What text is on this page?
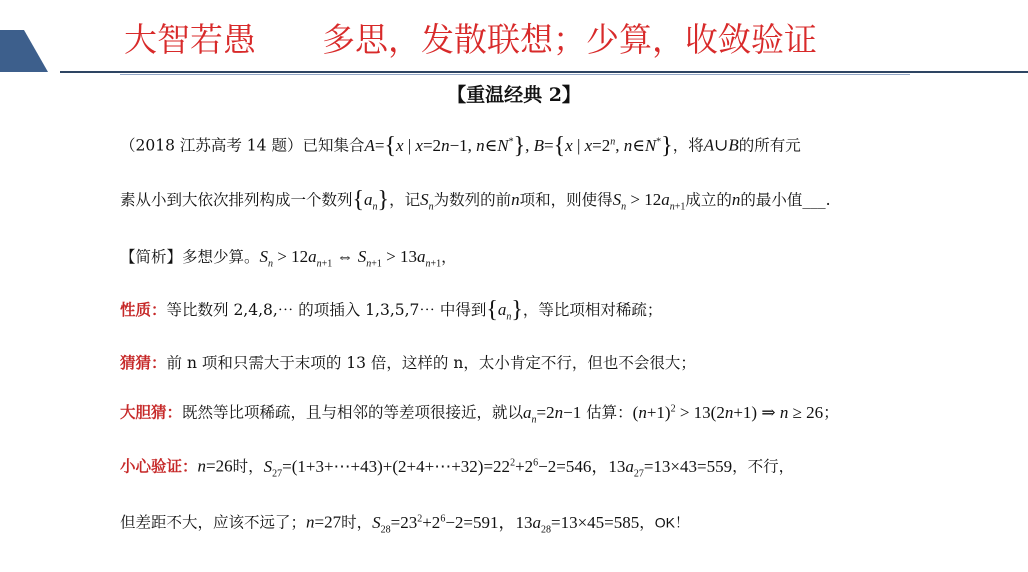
大智若愚 多思，发散联想；少算，收敛验证
【重温经典 2】
（2018 江苏高考 14 题）已知集合A={x | x=2n−1, n∈N*}, B={x | $x=2^n$, n∈N*}，将A∪B的所有元
素从小到大依次排列构成一个数列$\{a_n\}$，记$S_n$为数列的前n项和，则使得$S_n > 12a_{n+1}$成立的n的最小值___.
【简析】多想少算。$S_n > 12a_{n+1}$ ⇔ $S_{n+1} > 13a_{n+1}$，
性质：等比数列 2,4,8,⋯ 的项插入 1,3,5,7⋯ 中得到$\{a_n\}$，等比项相对稀疏；
猜猜：前 n 项和只需大于末项的 13 倍，这样的 n，太小肯定不行，但也不会很大；
大胆猜：既然等比项稀疏，且与相邻的等差项很接近，就以$a_n=2n-1$ 估算：$(n+1)^2 > 13(2n+1)$ ⇒ n ≥ 26；
小心验证：n=26时，$S_{27}=(1+3+\cdots+43)+(2+4+\cdots+32)=22^2+2^6-2=546$，$13a_{27}=13\times 43=559$，不行，
但差距不大，应该不远了；n=27时，$S_{28}=23^2+2^6-2=591$，$13a_{28}=13\times 45=585$，OK！
